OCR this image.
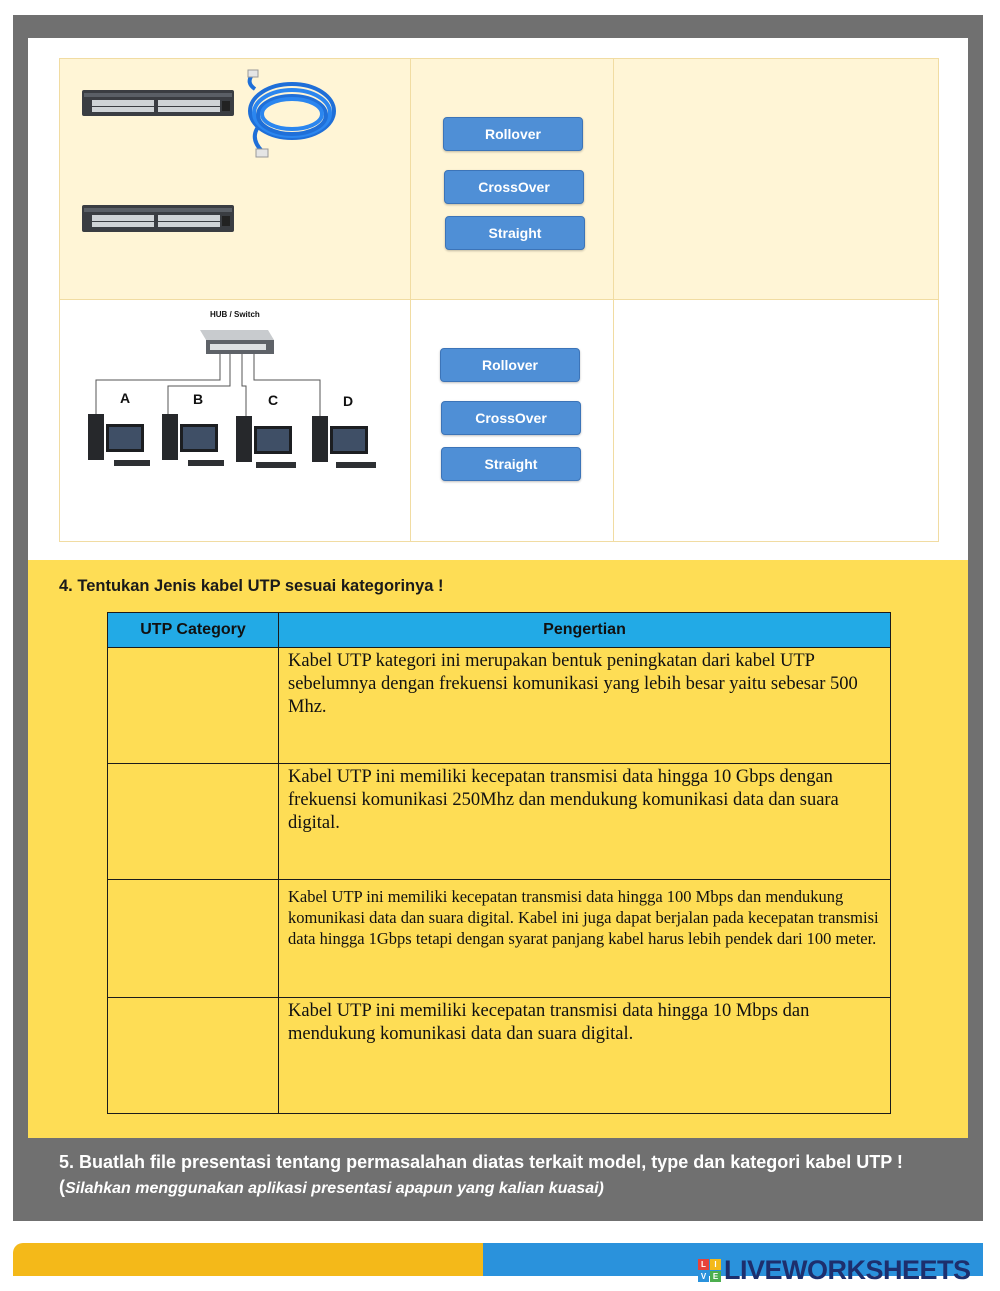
Rollover
CrossOver
Straight
HUB / Switch
A	B	C	D
Rollover
CrossOver
Straight
4. Tentukan Jenis kabel UTP sesuai kategorinya !
UTP Category	Pengertian
	Kabel UTP kategori ini merupakan bentuk peningkatan dari kabel UTP sebelumnya dengan frekuensi komunikasi yang lebih besar yaitu sebesar 500 Mhz.
	Kabel UTP ini memiliki kecepatan transmisi data hingga 10 Gbps dengan frekuensi komunikasi 250Mhz dan mendukung komunikasi data dan suara digital.
	Kabel UTP ini memiliki kecepatan transmisi data hingga 100 Mbps dan mendukung komunikasi data dan suara digital. Kabel ini juga dapat berjalan pada kecepatan transmisi data hingga 1Gbps tetapi dengan syarat panjang kabel harus lebih pendek dari 100 meter.
	Kabel UTP ini memiliki kecepatan transmisi data hingga 10 Mbps dan mendukung komunikasi data dan suara digital.
5. Buatlah file presentasi tentang permasalahan diatas terkait model, type dan kategori kabel UTP ! (Silahkan menggunakan aplikasi presentasi apapun yang kalian kuasai)
L	I
V E LIVEWORKSHEETS
